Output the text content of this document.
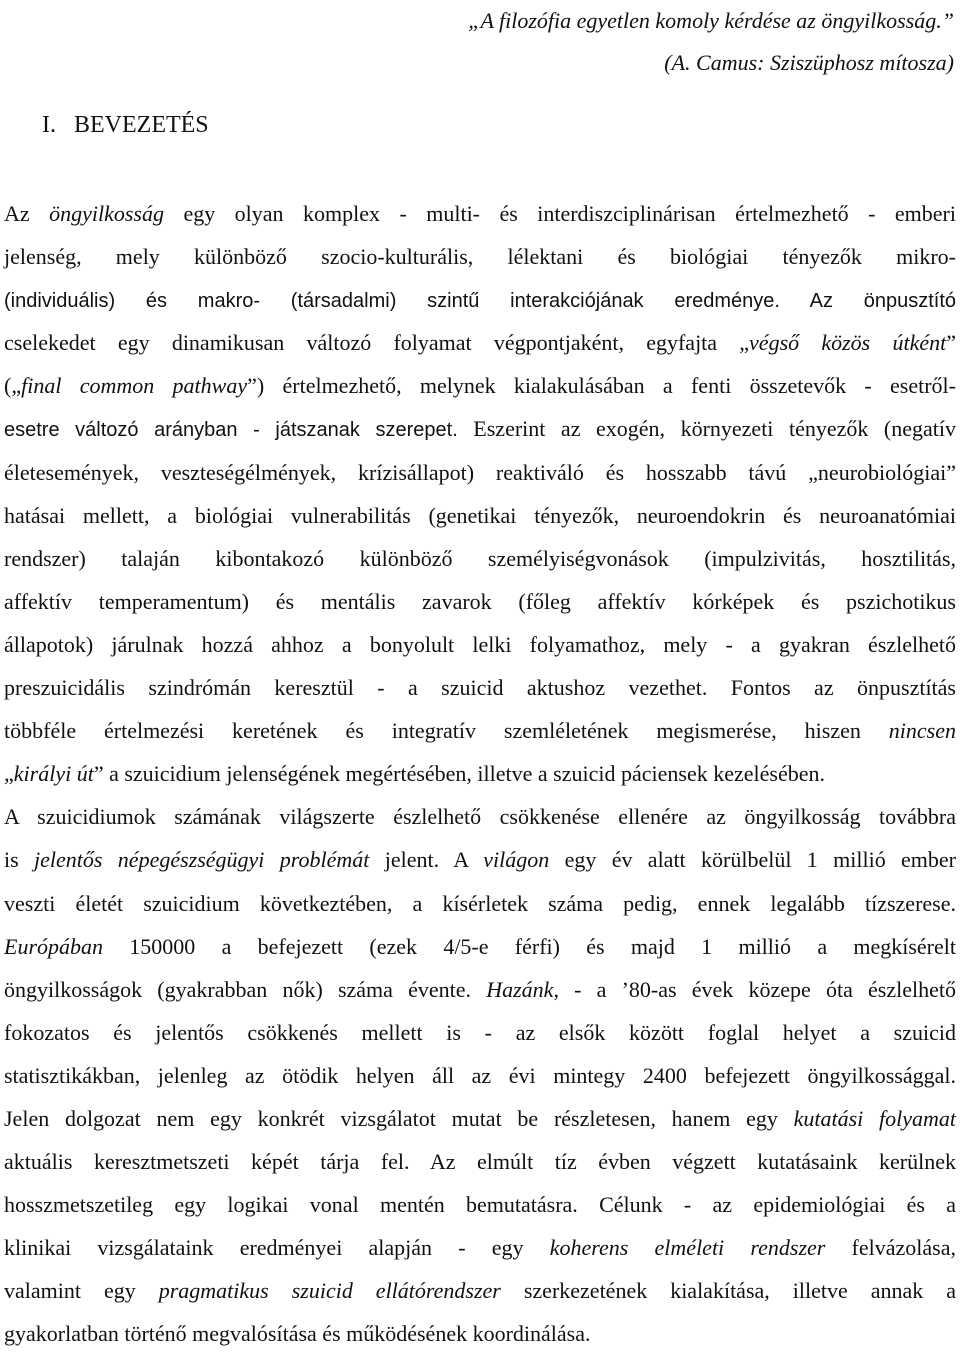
„A filozófia egyetlen komoly kérdése az öngyilkosság.”
(A. Camus: Sziszüphosz mítosza)
I. BEVEZETÉS
Az öngyilkosság egy olyan komplex - multi- és interdiszciplinárisan értelmezhető - emberi
jelenség, mely különböző szocio-kulturális, lélektani és biológiai tényezők mikro-
(individuális) és makro- (társadalmi) szintű interakciójának eredménye. Az önpusztító
cselekedet egy dinamikusan változó folyamat végpontjaként, egyfajta „végső közös útként”
(„final common pathway”) értelmezhető, melynek kialakulásában a fenti összetevők - esetről-
esetre változó arányban - játszanak szerepet. Eszerint az exogén, környezeti tényezők (negatív
életesemények, veszteségélmények, krízisállapot) reaktiváló és hosszabb távú „neurobiológiai”
hatásai mellett, a biológiai vulnerabilitás (genetikai tényezők, neuroendokrin és neuroanatómiai
rendszer) talaján kibontakozó különböző személyiségvonások (impulzivitás, hosztilitás,
affektív temperamentum) és mentális zavarok (főleg affektív kórképek és pszichotikus
állapotok) járulnak hozzá ahhoz a bonyolult lelki folyamathoz, mely - a gyakran észlelhető
preszuicidális szindrómán keresztül - a szuicid aktushoz vezethet. Fontos az önpusztítás
többféle értelmezési keretének és integratív szemléletének megismerése, hiszen nincsen
„királyi út” a szuicidium jelenségének megértésében, illetve a szuicid páciensek kezelésében.
A szuicidiumok számának világszerte észlelhető csökkenése ellenére az öngyilkosság továbbra
is jelentős népegészségügyi problémát jelent. A világon egy év alatt körülbelül 1 millió ember
veszti életét szuicidium következtében, a kísérletek száma pedig, ennek legalább tízszerese.
Európában 150000 a befejezett (ezek 4/5-e férfi) és majd 1 millió a megkísérelt
öngyilkosságok (gyakrabban nők) száma évente. Hazánk, - a ’80-as évek közepe óta észlelhető
fokozatos és jelentős csökkenés mellett is - az elsők között foglal helyet a szuicid
statisztikákban, jelenleg az ötödik helyen áll az évi mintegy 2400 befejezett öngyilkossággal.
Jelen dolgozat nem egy konkrét vizsgálatot mutat be részletesen, hanem egy kutatási folyamat
aktuális keresztmetszeti képét tárja fel. Az elmúlt tíz évben végzett kutatásaink kerülnek
hosszmetszetileg egy logikai vonal mentén bemutatásra. Célunk - az epidemiológiai és a
klinikai vizsgálataink eredményei alapján - egy koherens elméleti rendszer felvázolása,
valamint egy pragmatikus szuicid ellátórendszer szerkezetének kialakítása, illetve annak a
gyakorlatban történő megvalósítása és működésének koordinálása.
